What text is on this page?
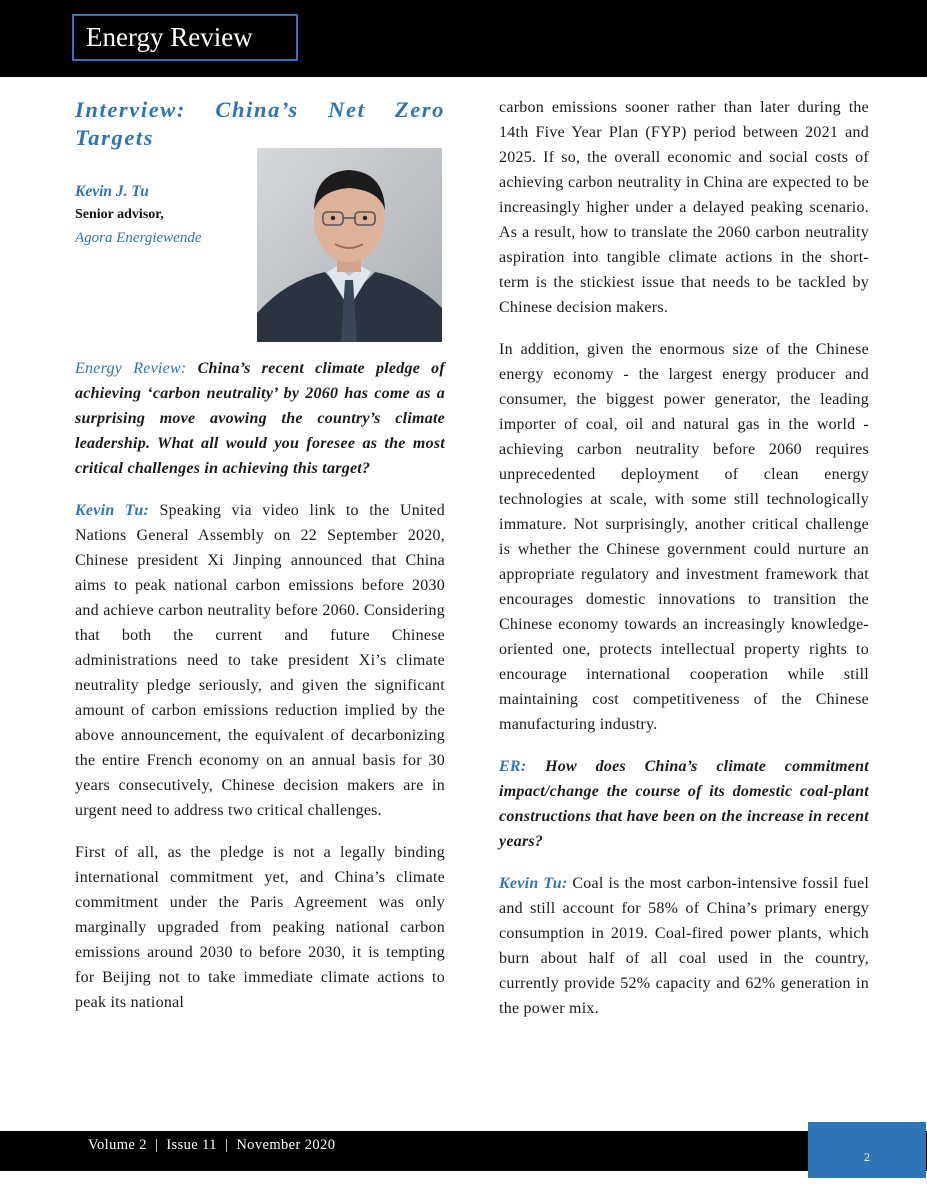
Energy Review
Interview: China’s Net Zero
Targets
Kevin J. Tu
Senior advisor,
Agora Energiewende

Energy Review: China’s recent climate pledge of achieving ‘carbon neutrality’ by 2060 has come as a surprising move avowing the country’s climate leadership. What all would you foresee as the most critical challenges in achieving this target?

Kevin Tu: Speaking via video link to the United Nations General Assembly on 22 September 2020, Chinese president Xi Jinping announced that China aims to peak national carbon emissions before 2030 and achieve carbon neutrality before 2060. Considering that both the current and future Chinese administrations need to take president Xi’s climate neutrality pledge seriously, and given the significant amount of carbon emissions reduction implied by the above announcement, the equivalent of decarbonizing the entire French economy on an annual basis for 30 years consecutively, Chinese decision makers are in urgent need to address two critical challenges.

First of all, as the pledge is not a legally binding international commitment yet, and China’s climate commitment under the Paris Agreement was only marginally upgraded from peaking national carbon emissions around 2030 to before 2030, it is tempting for Beijing not to take immediate climate actions to peak its national

carbon emissions sooner rather than later during the 14th Five Year Plan (FYP) period between 2021 and 2025. If so, the overall economic and social costs of achieving carbon neutrality in China are expected to be increasingly higher under a delayed peaking scenario. As a result, how to translate the 2060 carbon neutrality aspiration into tangible climate actions in the short-term is the stickiest issue that needs to be tackled by Chinese decision makers.

In addition, given the enormous size of the Chinese energy economy - the largest energy producer and consumer, the biggest power generator, the leading importer of coal, oil and natural gas in the world - achieving carbon neutrality before 2060 requires unprecedented deployment of clean energy technologies at scale, with some still technologically immature. Not surprisingly, another critical challenge is whether the Chinese government could nurture an appropriate regulatory and investment framework that encourages domestic innovations to transition the Chinese economy towards an increasingly knowledge-oriented one, protects intellectual property rights to encourage international cooperation while still maintaining cost competitiveness of the Chinese manufacturing industry.

ER: How does China’s climate commitment impact/change the course of its domestic coal-plant constructions that have been on the increase in recent years?

Kevin Tu: Coal is the most carbon-intensive fossil fuel and still account for 58% of China’s primary energy consumption in 2019. Coal-fired power plants, which burn about half of all coal used in the country, currently provide 52% capacity and 62% generation in the power mix.

Volume 2  |  Issue 11  |  November 2020
2
